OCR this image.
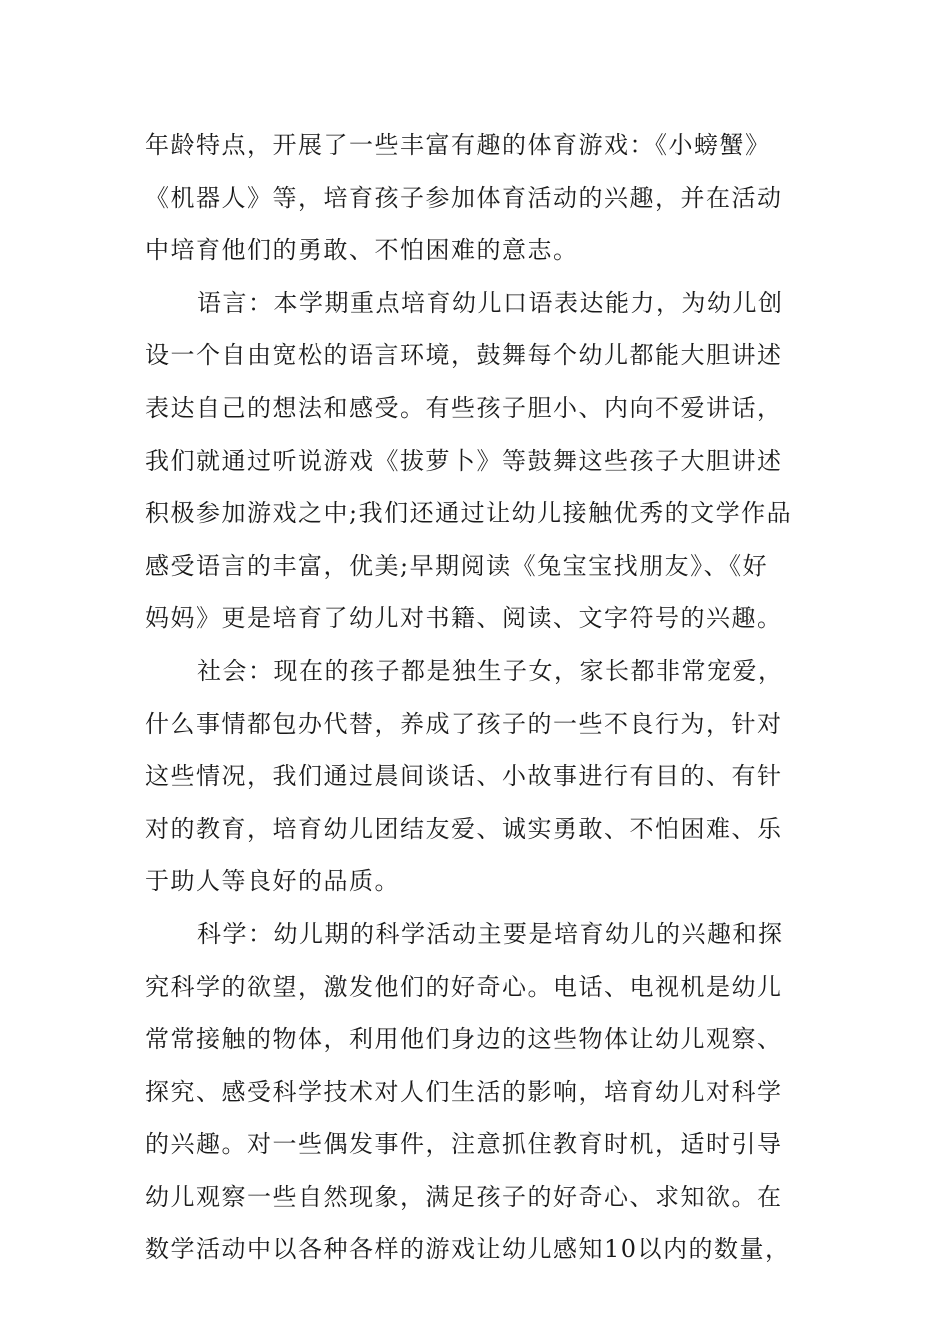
年龄特点，开展了一些丰富有趣的体育游戏：《小螃蟹》
《机器人》等，培育孩子参加体育活动的兴趣，并在活动
中培育他们的勇敢、不怕困难的意志。
语言：本学期重点培育幼儿口语表达能力，为幼儿创
设一个自由宽松的语言环境，鼓舞每个幼儿都能大胆讲述
表达自己的想法和感受。有些孩子胆小、内向不爱讲话，
我们就通过听说游戏《拔萝卜》等鼓舞这些孩子大胆讲述
积极参加游戏之中;我们还通过让幼儿接触优秀的文学作品
感受语言的丰富，优美;早期阅读《兔宝宝找朋友》、《好
妈妈》更是培育了幼儿对书籍、阅读、文字符号的兴趣。
社会：现在的孩子都是独生子女，家长都非常宠爱，
什么事情都包办代替，养成了孩子的一些不良行为，针对
这些情况，我们通过晨间谈话、小故事进行有目的、有针
对的教育，培育幼儿团结友爱、诚实勇敢、不怕困难、乐
于助人等良好的品质。
科学：幼儿期的科学活动主要是培育幼儿的兴趣和探
究科学的欲望，激发他们的好奇心。电话、电视机是幼儿
常常接触的物体，利用他们身边的这些物体让幼儿观察、
探究、感受科学技术对人们生活的影响，培育幼儿对科学
的兴趣。对一些偶发事件，注意抓住教育时机，适时引导
幼儿观察一些自然现象，满足孩子的好奇心、求知欲。在
数学活动中以各种各样的游戏让幼儿感知10以内的数量，
